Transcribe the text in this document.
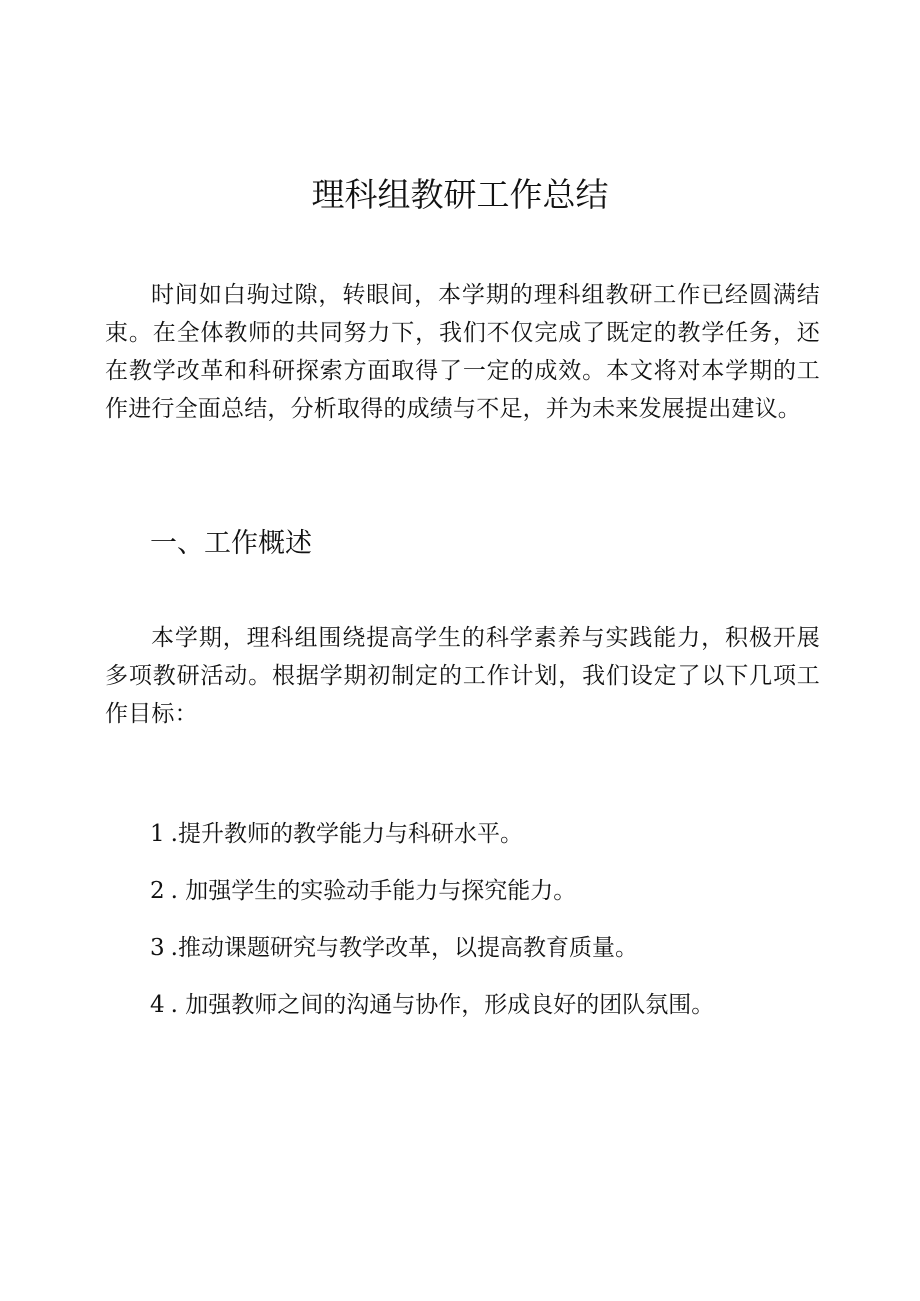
理科组教研工作总结

时间如白驹过隙，转眼间，本学期的理科组教研工作已经圆满结束。在全体教师的共同努力下，我们不仅完成了既定的教学任务，还在教学改革和科研探索方面取得了一定的成效。本文将对本学期的工作进行全面总结，分析取得的成绩与不足，并为未来发展提出建议。

一、工作概述

本学期，理科组围绕提高学生的科学素养与实践能力，积极开展多项教研活动。根据学期初制定的工作计划，我们设定了以下几项工作目标：

1 .提升教师的教学能力与科研水平。
2 . 加强学生的实验动手能力与探究能力。
3 .推动课题研究与教学改革，以提高教育质量。
4 . 加强教师之间的沟通与协作，形成良好的团队氛围。
